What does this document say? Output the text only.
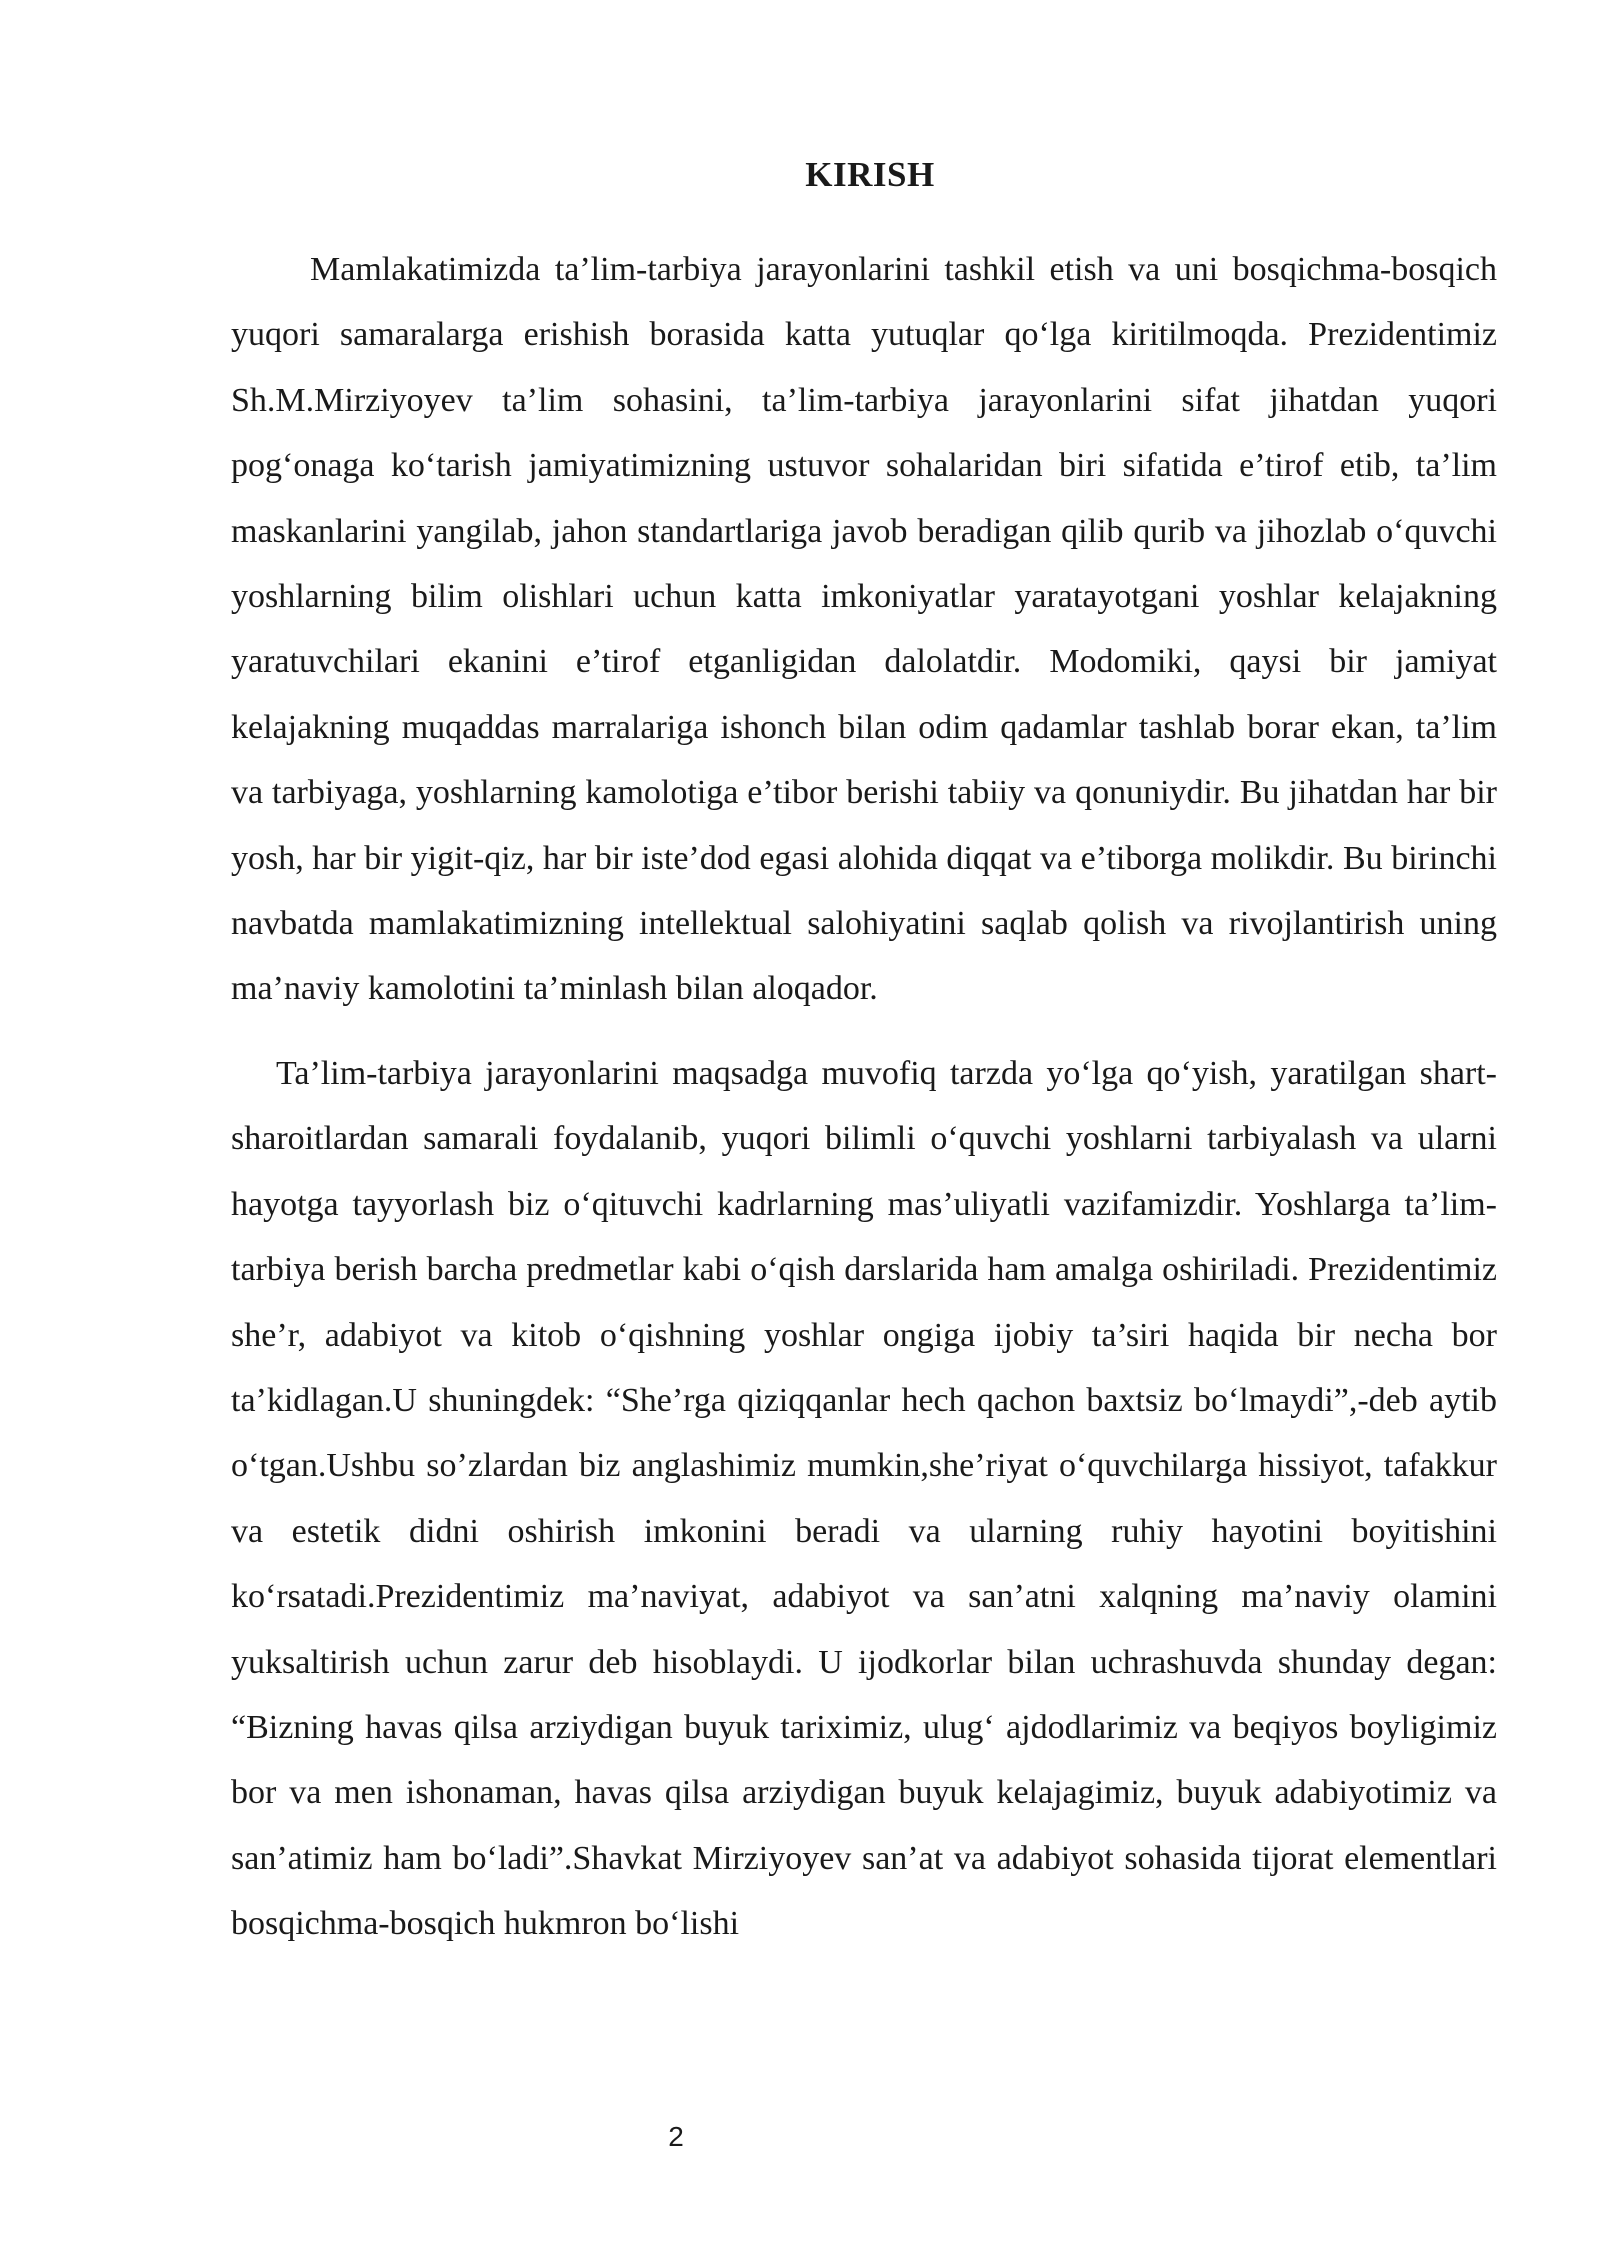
KIRISH

Mamlakatimizda ta’lim-tarbiya jarayonlarini tashkil etish va uni bosqichma-bosqich yuqori samaralarga erishish borasida katta yutuqlar qo‘lga kiritilmoqda. Prezidentimiz Sh.M.Mirziyoyev ta’lim sohasini, ta’lim-tarbiya jarayonlarini sifat jihatdan yuqori pog‘onaga ko‘tarish jamiyatimizning ustuvor sohalaridan biri sifatida e’tirof etib, ta’lim maskanlarini yangilab, jahon standartlariga javob beradigan qilib qurib va jihozlab o‘quvchi yoshlarning bilim olishlari uchun katta imkoniyatlar yaratayotgani yoshlar kelajakning yaratuvchilari ekanini e’tirof etganligidan dalolatdir. Modomiki, qaysi bir jamiyat kelajakning muqaddas marralariga ishonch bilan odim qadamlar tashlab borar ekan, ta’lim va tarbiyaga, yoshlarning kamolotiga e’tibor berishi tabiiy va qonuniydir. Bu jihatdan har bir yosh, har bir yigit-qiz, har bir iste’dod egasi alohida diqqat va e’tiborga molikdir. Bu birinchi navbatda mamlakatimizning intellektual salohiyatini saqlab qolish va rivojlantirish uning ma’naviy kamolotini ta’minlash bilan aloqador.

Ta’lim-tarbiya jarayonlarini maqsadga muvofiq tarzda yo‘lga qo‘yish, yaratilgan shart-sharoitlardan samarali foydalanib, yuqori bilimli o‘quvchi yoshlarni tarbiyalash va ularni hayotga tayyorlash biz o‘qituvchi kadrlarning mas’uliyatli vazifamizdir. Yoshlarga ta’lim-tarbiya berish barcha predmetlar kabi o‘qish darslarida ham amalga oshiriladi. Prezidentimiz she’r, adabiyot va kitob o‘qishning yoshlar ongiga ijobiy ta’siri haqida bir necha bor ta’kidlagan.U shuningdek: “She’rga qiziqqanlar hech qachon baxtsiz bo‘lmaydi”,-deb aytib o‘tgan.Ushbu so’zlardan biz anglashimiz mumkin,she’riyat o‘quvchilarga hissiyot, tafakkur va estetik didni oshirish imkonini beradi va ularning ruhiy hayotini boyitishini ko‘rsatadi.Prezidentimiz ma’naviyat, adabiyot va san’atni xalqning ma’naviy olamini yuksaltirish uchun zarur deb hisoblaydi. U ijodkorlar bilan uchrashuvda shunday degan: “Bizning havas qilsa arziydigan buyuk tariximiz, ulug‘ ajdodlarimiz va beqiyos boyligimiz bor va men ishonaman, havas qilsa arziydigan buyuk kelajagimiz, buyuk adabiyotimiz va san’atimiz ham bo‘ladi”.Shavkat Mirziyoyev san’at va adabiyot sohasida tijorat elementlari bosqichma-bosqich hukmron bo‘lishi

2
